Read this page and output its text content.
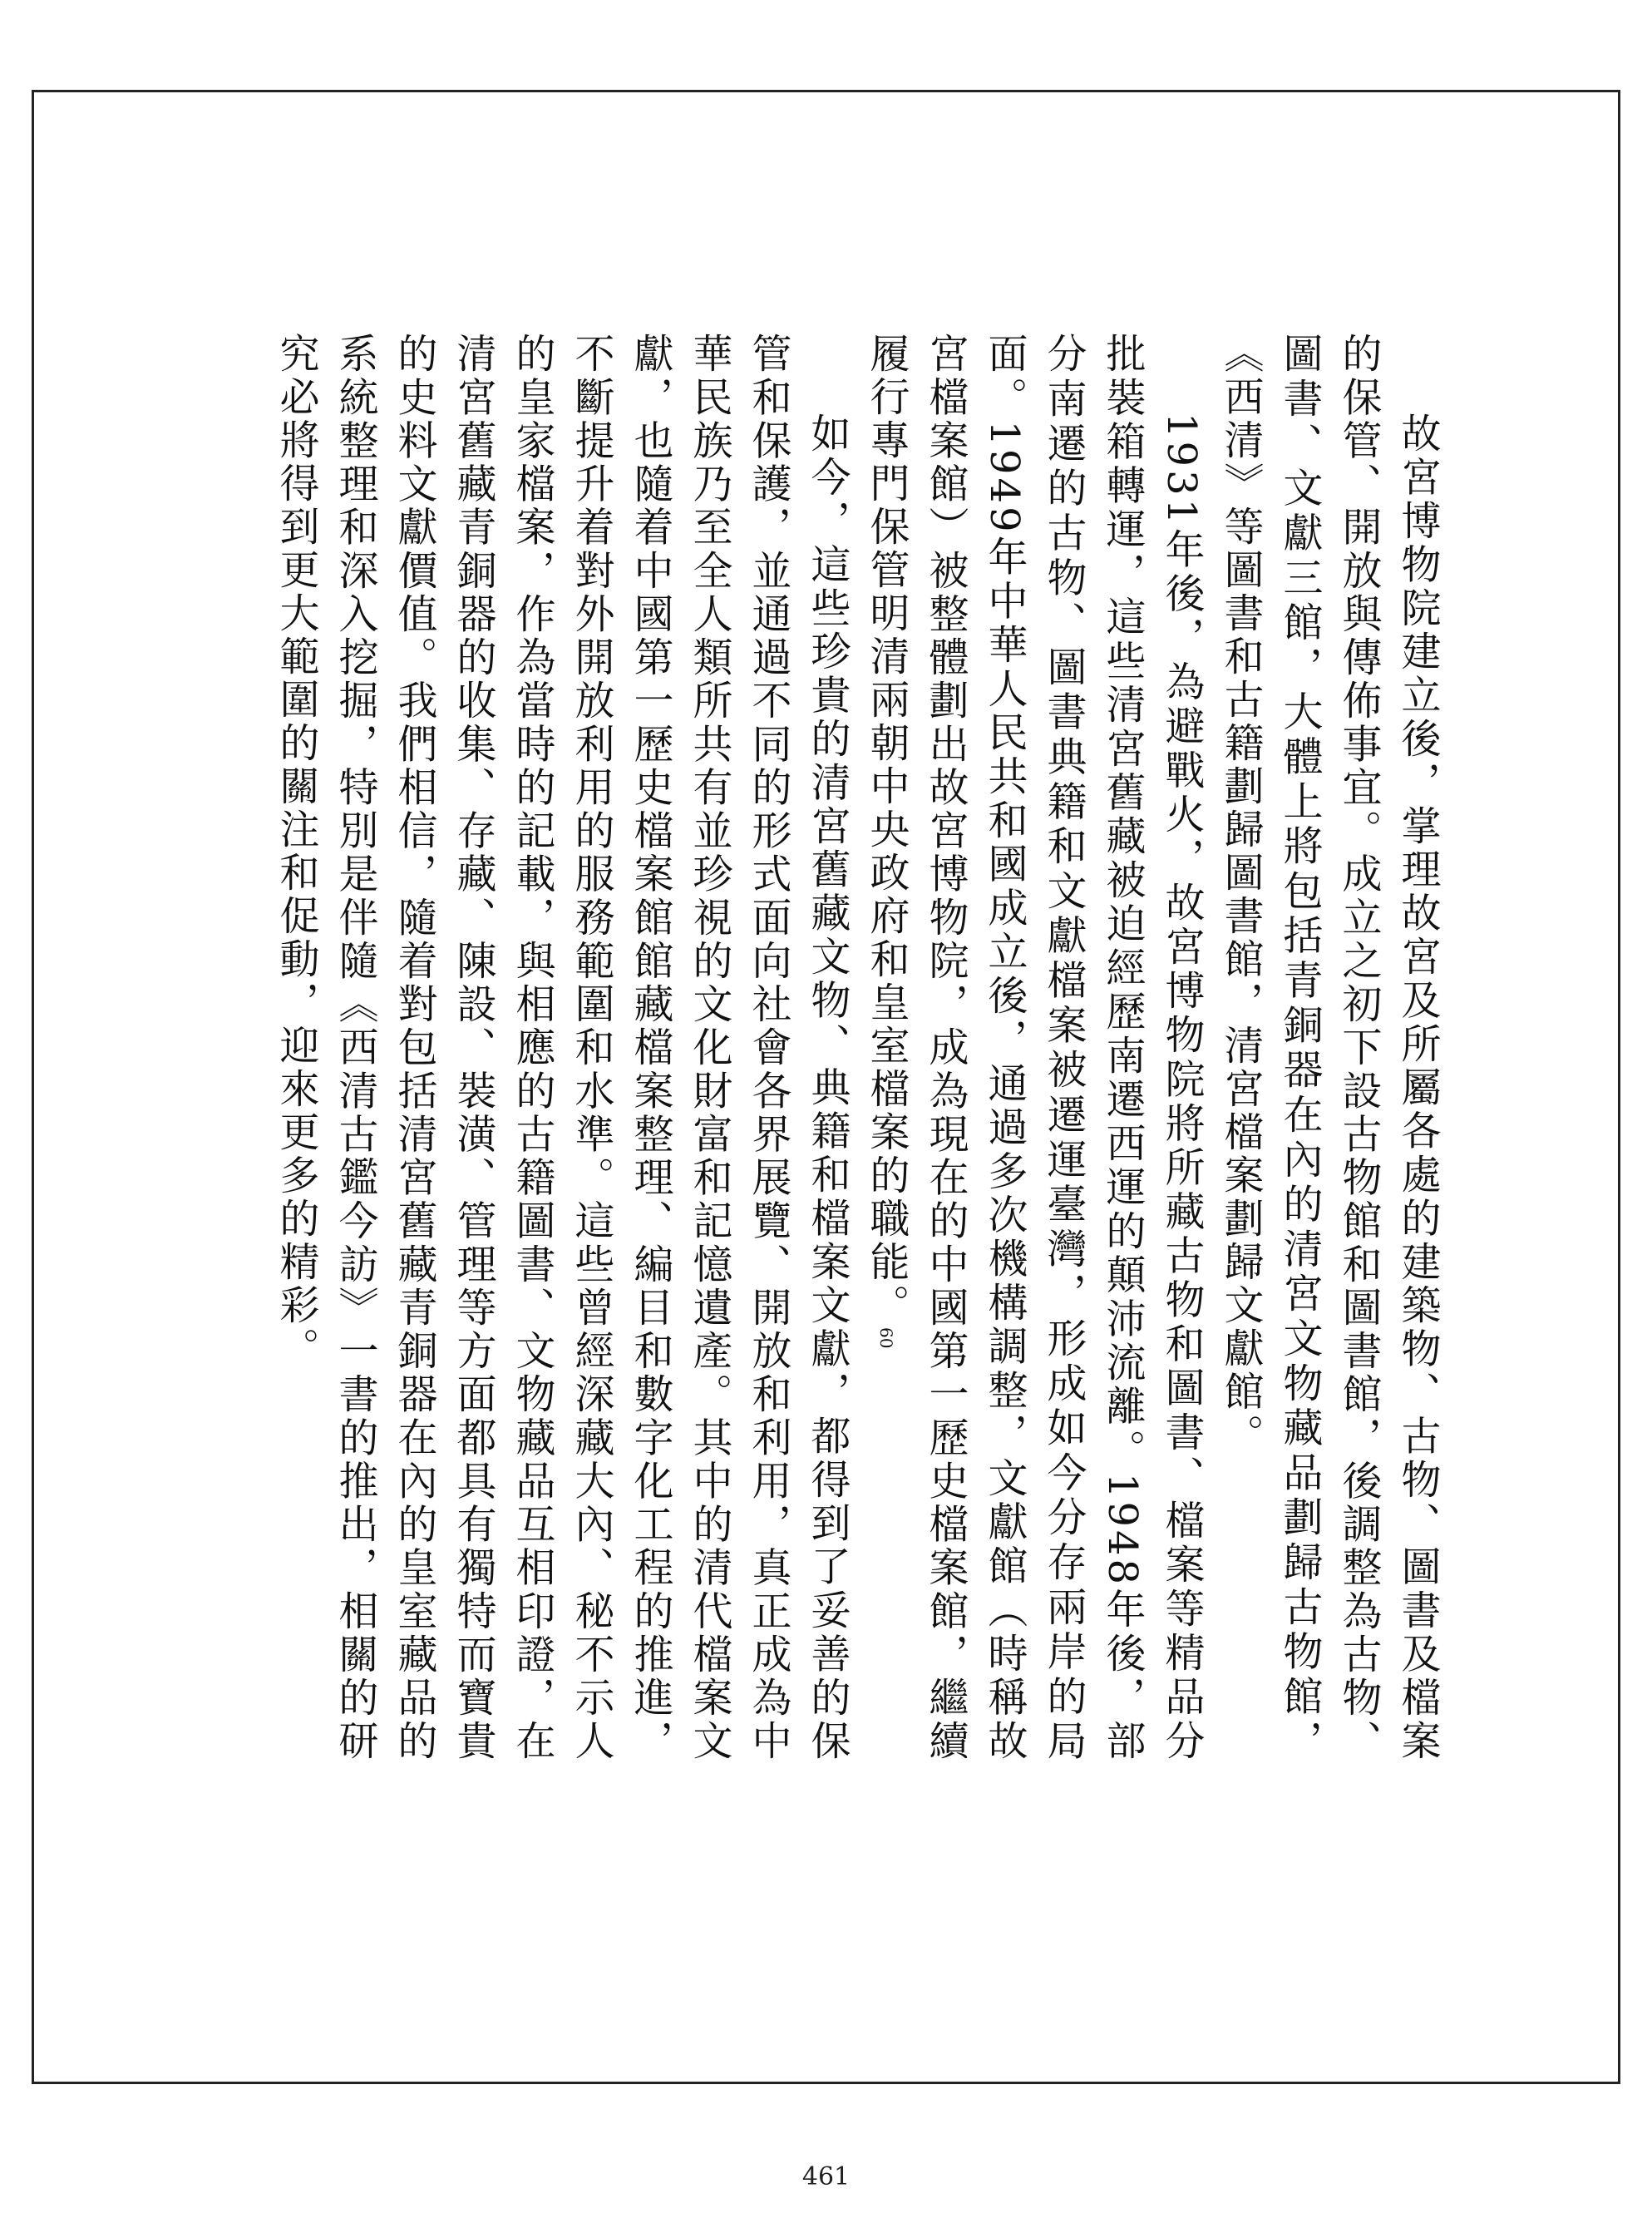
故宮博物院建立後，掌理故宮及所屬各處的建築物、古物、圖書及檔案的保管、開放與傳佈事宜。成立之初下設古物館和圖書館，後調整為古物、圖書、文獻三館，大體上將包括青銅器在內的清宮文物藏品劃歸古物館，《西清》等圖書和古籍劃歸圖書館，清宮檔案劃歸文獻館。

1931年後，為避戰火，故宮博物院將所藏古物和圖書、檔案等精品分批裝箱轉運，這些清宮舊藏被迫經歷南遷西運的顛沛流離。1948年後，部分南遷的古物、圖書典籍和文獻檔案被遷運臺灣，形成如今分存兩岸的局面。1949年中華人民共和國成立後，通過多次機構調整，文獻館（時稱故宮檔案館）被整體劃出故宮博物院，成為現在的中國第一歷史檔案館，繼續履行專門保管明清兩朝中央政府和皇室檔案的職能。$^{60}$

如今，這些珍貴的清宮舊藏文物、典籍和檔案文獻，都得到了妥善的保管和保護，並通過不同的形式面向社會各界展覽、開放和利用，真正成為中華民族乃至全人類所共有並珍視的文化財富和記憶遺產。其中的清代檔案文獻，也隨着中國第一歷史檔案館館藏檔案整理、編目和數字化工程的推進，不斷提升着對外開放利用的服務範圍和水準。這些曾經深藏大內、秘不示人的皇家檔案，作為當時的記載，與相應的古籍圖書、文物藏品互相印證，在清宮舊藏青銅器的收集、存藏、陳設、裝潢、管理等方面都具有獨特而寶貴的史料文獻價值。我們相信，隨着對包括清宮舊藏青銅器在內的皇室藏品的系統整理和深入挖掘，特別是伴隨《西清古鑑今訪》一書的推出，相關的研究必將得到更大範圍的關注和促動，迎來更多的精彩。

461
